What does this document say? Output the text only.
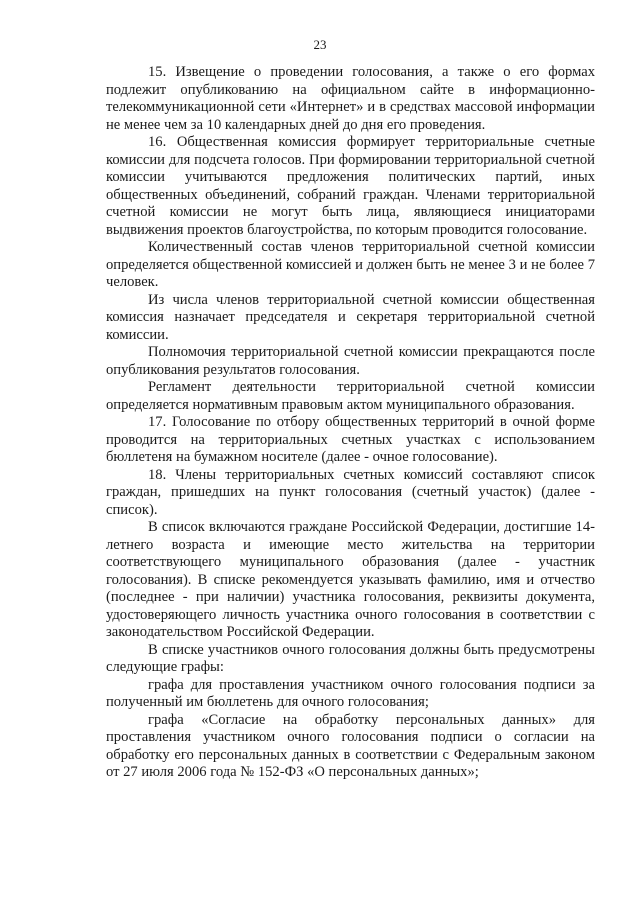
23

15. Извещение о проведении голосования, а также о его формах подлежит опубликованию на официальном сайте в информационно-телекоммуникационной сети «Интернет» и в средствах массовой информации не менее чем за 10 календарных дней до дня его проведения.

16. Общественная комиссия формирует территориальные счетные комиссии для подсчета голосов. При формировании территориальной счетной комиссии учитываются предложения политических партий, иных общественных объединений, собраний граждан. Членами территориальной счетной комиссии не могут быть лица, являющиеся инициаторами выдвижения проектов благоустройства, по которым проводится голосование.

Количественный состав членов территориальной счетной комиссии определяется общественной комиссией и должен быть не менее 3 и не более 7 человек.

Из числа членов территориальной счетной комиссии общественная комиссия назначает председателя и секретаря территориальной счетной комиссии.

Полномочия территориальной счетной комиссии прекращаются после опубликования результатов голосования.

Регламент деятельности территориальной счетной комиссии определяется нормативным правовым актом муниципального образования.

17. Голосование по отбору общественных территорий в очной форме проводится на территориальных счетных участках с использованием бюллетеня на бумажном носителе (далее - очное голосование).

18. Члены территориальных счетных комиссий составляют список граждан, пришедших на пункт голосования (счетный участок) (далее - список).

В список включаются граждане Российской Федерации, достигшие 14-летнего возраста и имеющие место жительства на территории соответствующего муниципального образования (далее - участник голосования). В списке рекомендуется указывать фамилию, имя и отчество (последнее - при наличии) участника голосования, реквизиты документа, удостоверяющего личность участника очного голосования в соответствии с законодательством Российской Федерации.

В списке участников очного голосования должны быть предусмотрены следующие графы:

графа для проставления участником очного голосования подписи за полученный им бюллетень для очного голосования;

графа «Согласие на обработку персональных данных» для проставления участником очного голосования подписи о согласии на обработку его персональных данных в соответствии с Федеральным законом от 27 июля 2006 года № 152-ФЗ «О персональных данных»;
